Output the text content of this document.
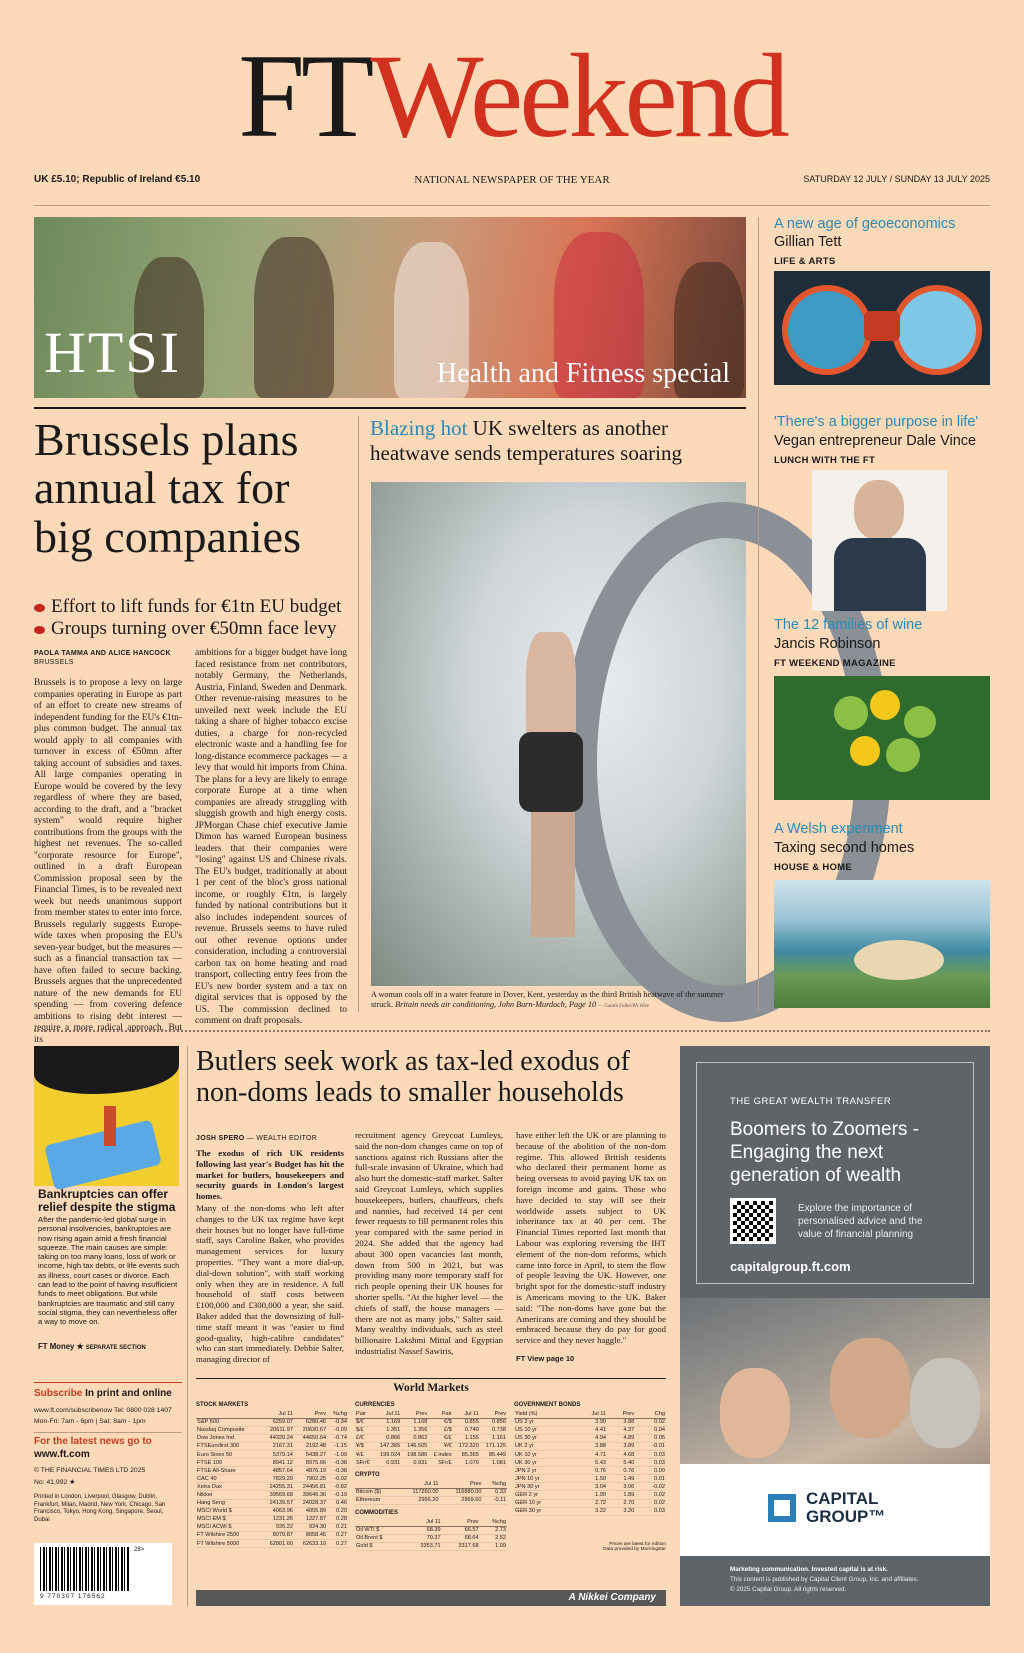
FTWeekend
UK £5.10; Republic of Ireland €5.10	NATIONAL NEWSPAPER OF THE YEAR	SATURDAY 12 JULY / SUNDAY 13 JULY 2025
HTSI	Health and Fitness special
Brussels plans annual tax for big companies
Effort to lift funds for €1tn EU budget
Groups turning over €50mn face levy
PAOLA TAMMA AND ALICE HANCOCK
BRUSSELS
Brussels is to propose a levy on large companies operating in Europe as part of an effort to create new streams of independent funding for the EU's €1tn-plus common budget. The annual tax would apply to all companies with turnover in excess of €50mn after taking account of subsidies and taxes. All large companies operating in Europe would be covered by the levy regardless of where they are based, according to the draft, and a "bracket system" would require higher contributions from the groups with the highest net revenues. The so-called "corporate resource for Europe", outlined in a draft European Commission proposal seen by the Financial Times, is to be revealed next week but needs unanimous support from member states to enter into force. Brussels regularly suggests Europe-wide taxes when proposing the EU's seven-year budget, but the measures — such as a financial transaction tax — have often failed to secure backing. Brussels argues that the unprecedented nature of the new demands for EU spending — from covering defence ambitions to rising debt interest — require a more radical approach. But its
ambitions for a bigger budget have long faced resistance from net contributors, notably Germany, the Netherlands, Austria, Finland, Sweden and Denmark. Other revenue-raising measures to be unveiled next week include the EU taking a share of higher tobacco excise duties, a charge for non-recycled electronic waste and a handling fee for long-distance ecommerce packages — a levy that would hit imports from China. The plans for a levy are likely to enrage corporate Europe at a time when companies are already struggling with sluggish growth and high energy costs. JPMorgan Chase chief executive Jamie Dimon has warned European business leaders that their companies were "losing" against US and Chinese rivals. The EU's budget, traditionally at about 1 per cent of the bloc's gross national income, or roughly €1tn, is largely funded by national contributions but it also includes independent sources of revenue. Brussels seems to have ruled out other revenue options under consideration, including a controversial carbon tax on home heating and road transport, collecting entry fees from the EU's new border system and a tax on digital services that is opposed by the US. The commission declined to comment on draft proposals.
Blazing hot UK swelters as another heatwave sends temperatures soaring
A woman cools off in a water feature in Dover, Kent, yesterday as the third British heatwave of the summer struck. Britain needs air conditioning, John Burn-Murdoch, Page 10 — Gareth Fuller/PA Wire
A new age of geoeconomics
Gillian Tett
LIFE & ARTS
'There's a bigger purpose in life'
Vegan entrepreneur Dale Vince
LUNCH WITH THE FT
The 12 families of wine
Jancis Robinson
FT WEEKEND MAGAZINE
A Welsh experiment
Taxing second homes
HOUSE & HOME
Bankruptcies can offer relief despite the stigma
After the pandemic-led global surge in personal insolvencies, bankruptcies are now rising again amid a fresh financial squeeze. The main causes are simple: taking on too many loans, loss of work or income, high tax debts, or life events such as illness, court cases or divorce. Each can lead to the point of having insufficient funds to meet obligations. But while bankruptcies are traumatic and still carry social stigma, they can nevertheless offer a way to move on.
FT Money ★ SEPARATE SECTION
Subscribe In print and online
www.ft.com/subscribenow Tel: 0800 028 1407
Mon-Fri: 7am - 6pm | Sat: 8am - 1pm
For the latest news go to
www.ft.com
© THE FINANCIAL TIMES LTD 2025
No: 41,992 ★
Printed in London, Liverpool, Glasgow, Dublin, Frankfurt, Milan, Madrid, New York, Chicago, San Francisco, Tokyo, Hong Kong, Singapore, Seoul, Dubai
28>
9 770307 176562
Butlers seek work as tax-led exodus of non-doms leads to smaller households
JOSH SPERO — WEALTH EDITOR
The exodus of rich UK residents following last year's Budget has hit the market for butlers, housekeepers and security guards in London's largest homes.
Many of the non-doms who left after changes to the UK tax regime have kept their houses but no longer have full-time staff, says Caroline Baker, who provides management services for luxury properties. "They want a more dial-up, dial-down solution", with staff working only when they are in residence. A full household of staff costs between £100,000 and £300,000 a year, she said. Baker added that the downsizing of full-time staff meant it was "easier to find good-quality, high-calibre candidates" who can start immediately. Debbie Salter, managing director of
recruitment agency Greycoat Lumleys, said the non-dom changes came on top of sanctions against rich Russians after the full-scale invasion of Ukraine, which had also hurt the domestic-staff market. Salter said Greycoat Lumleys, which supplies housekeepers, butlers, chauffeurs, chefs and nannies, had received 14 per cent fewer requests to fill permanent roles this year compared with the same period in 2024. She added that the agency had about 300 open vacancies last month, down from 500 in 2021, but was providing many more temporary staff for rich people opening their UK houses for shorter spells. "At the higher level — the chiefs of staff, the house managers — there are not as many jobs," Salter said. Many wealthy individuals, such as steel billionaire Lakshmi Mittal and Egyptian industrialist Nassef Sawiris,
have either left the UK or are planning to because of the abolition of the non-dom regime. This allowed British residents who declared their permanent home as being overseas to avoid paying UK tax on foreign income and gains. Those who have decided to stay will see their worldwide assets subject to UK inheritance tax at 40 per cent. The Financial Times reported last month that Labour was exploring reversing the IHT element of the non-dom reforms, which came into force in April, to stem the flow of people leaving the UK. However, one bright spot for the domestic-staff industry is Americans moving to the UK. Baker said: "The non-doms have gone but the Americans are coming and they should be embraced because they do pay for good service and they never haggle."
FT View page 10
World Markets
STOCK MARKETS
	Jul 11	Prev	%chg
S&P 500	6259.07	6280.46	-0.34
Nasdaq Composite	20611.97	20630.67	-0.09
Dow Jones Ind	44320.24	44650.64	-0.74
FTSEurofirst 300	2167.31	2192.48	-1.15
Euro Stoxx 50	5379.14	5438.27	-1.09
FTSE 100	8941.12	8975.66	-0.38
FTSE All-Share	4857.64	4876.19	-0.38
CAC 40	7829.29	7902.25	-0.92
Xetra Dax	24255.31	24456.81	-0.82
Nikkei	39569.68	39646.36	-0.19
Hang Seng	24139.57	24028.37	0.46
MSCI World $	4063.96	4055.89	0.20
MSCI EM $	1231.26	1227.87	0.28
MSCI ACWI $	926.22	924.30	0.21
FT Wilshire 2500	8079.87	8058.45	0.27
FT Wilshire 5000	62801.60	62633.10	0.27
CURRENCIES
Pair	Jul 11	Prev	Pair	Jul 11	Prev
$/€	1.169	1.168	€/$	0.855	0.856
$/£	1.351	1.356	£/$	0.740	0.738
£/€	0.866	0.862	€/£	1.155	1.161
¥/$	147.365	146.505	¥/€	172.320	171.125
¥/£	199.024	198.586	£ index	85.365	85.449
SFr/€	0.931	0.931	SFr/£	1.076	1.081
CRYPTO
	Jul 11	Prev	%chg
Bitcoin ($)	117260.00	116880.00	0.33
Ethereum	2966.20	2969.60	-0.11
COMMODITIES
	Jul 11	Prev	%chg
Oil WTI $	68.39	66.57	2.73
Oil Brent $	70.37	68.64	2.52
Gold $	3353.71	3317.68	1.09
GOVERNMENT BONDS
Yield (%)	Jul 11	Prev	Chg
US 2 yr	3.90	3.88	0.02
US 10 yr	4.41	4.37	0.04
US 30 yr	4.94	4.89	0.05
UK 2 yr	3.88	3.89	-0.01
UK 10 yr	4.71	4.68	0.03
UK 30 yr	5.43	5.40	0.03
JPN 2 yr	0.76	0.76	0.00
JPN 10 yr	1.50	1.49	0.01
JPN 30 yr	3.04	3.06	-0.02
GER 2 yr	1.90	1.89	0.02
GER 10 yr	2.72	2.70	0.02
GER 30 yr	3.22	3.20	0.03
Prices are latest for edition
Data provided by Morningstar
A Nikkei Company
THE GREAT WEALTH TRANSFER
Boomers to Zoomers - Engaging the next generation of wealth
Explore the importance of personalised advice and the value of financial planning
capitalgroup.ft.com
CAPITAL GROUP™
Marketing communication. Invested capital is at risk.
This content is published by Capital Client Group, Inc. and affiliates.
© 2025 Capital Group. All rights reserved.
